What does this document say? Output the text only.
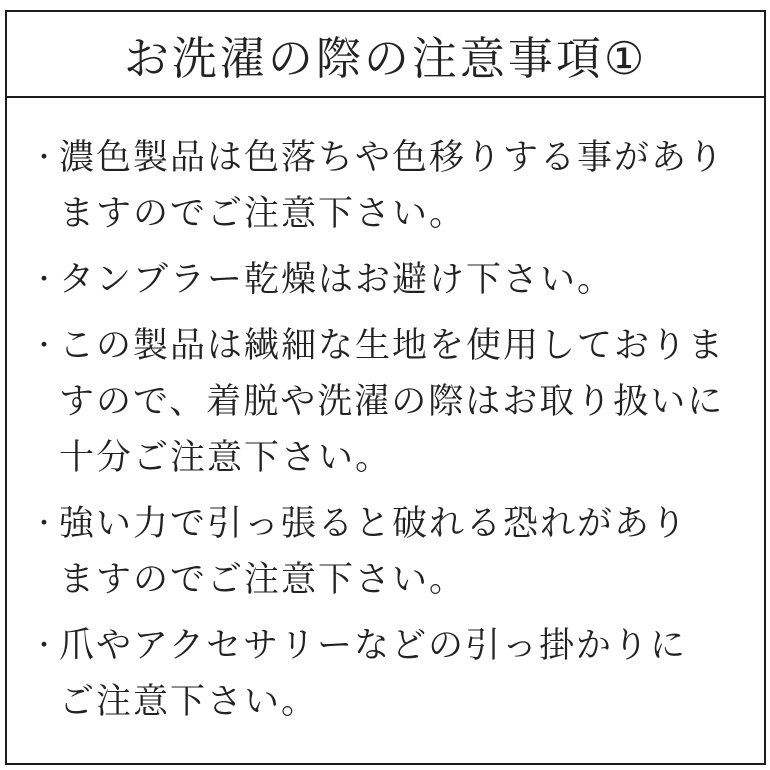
お洗濯の際の注意事項①
・ 濃色製品は色落ちや色移りする事があり
ますのでご注意下さい。
・ タンブラー乾燥はお避け下さい。
・ この製品は繊細な生地を使用しておりま
すので、着脱や洗濯の際はお取り扱いに
十分ご注意下さい。
・ 強い力で引っ張ると破れる恐れがあり
ますのでご注意下さい。
・ 爪やアクセサリーなどの引っ掛かりに
ご注意下さい。
